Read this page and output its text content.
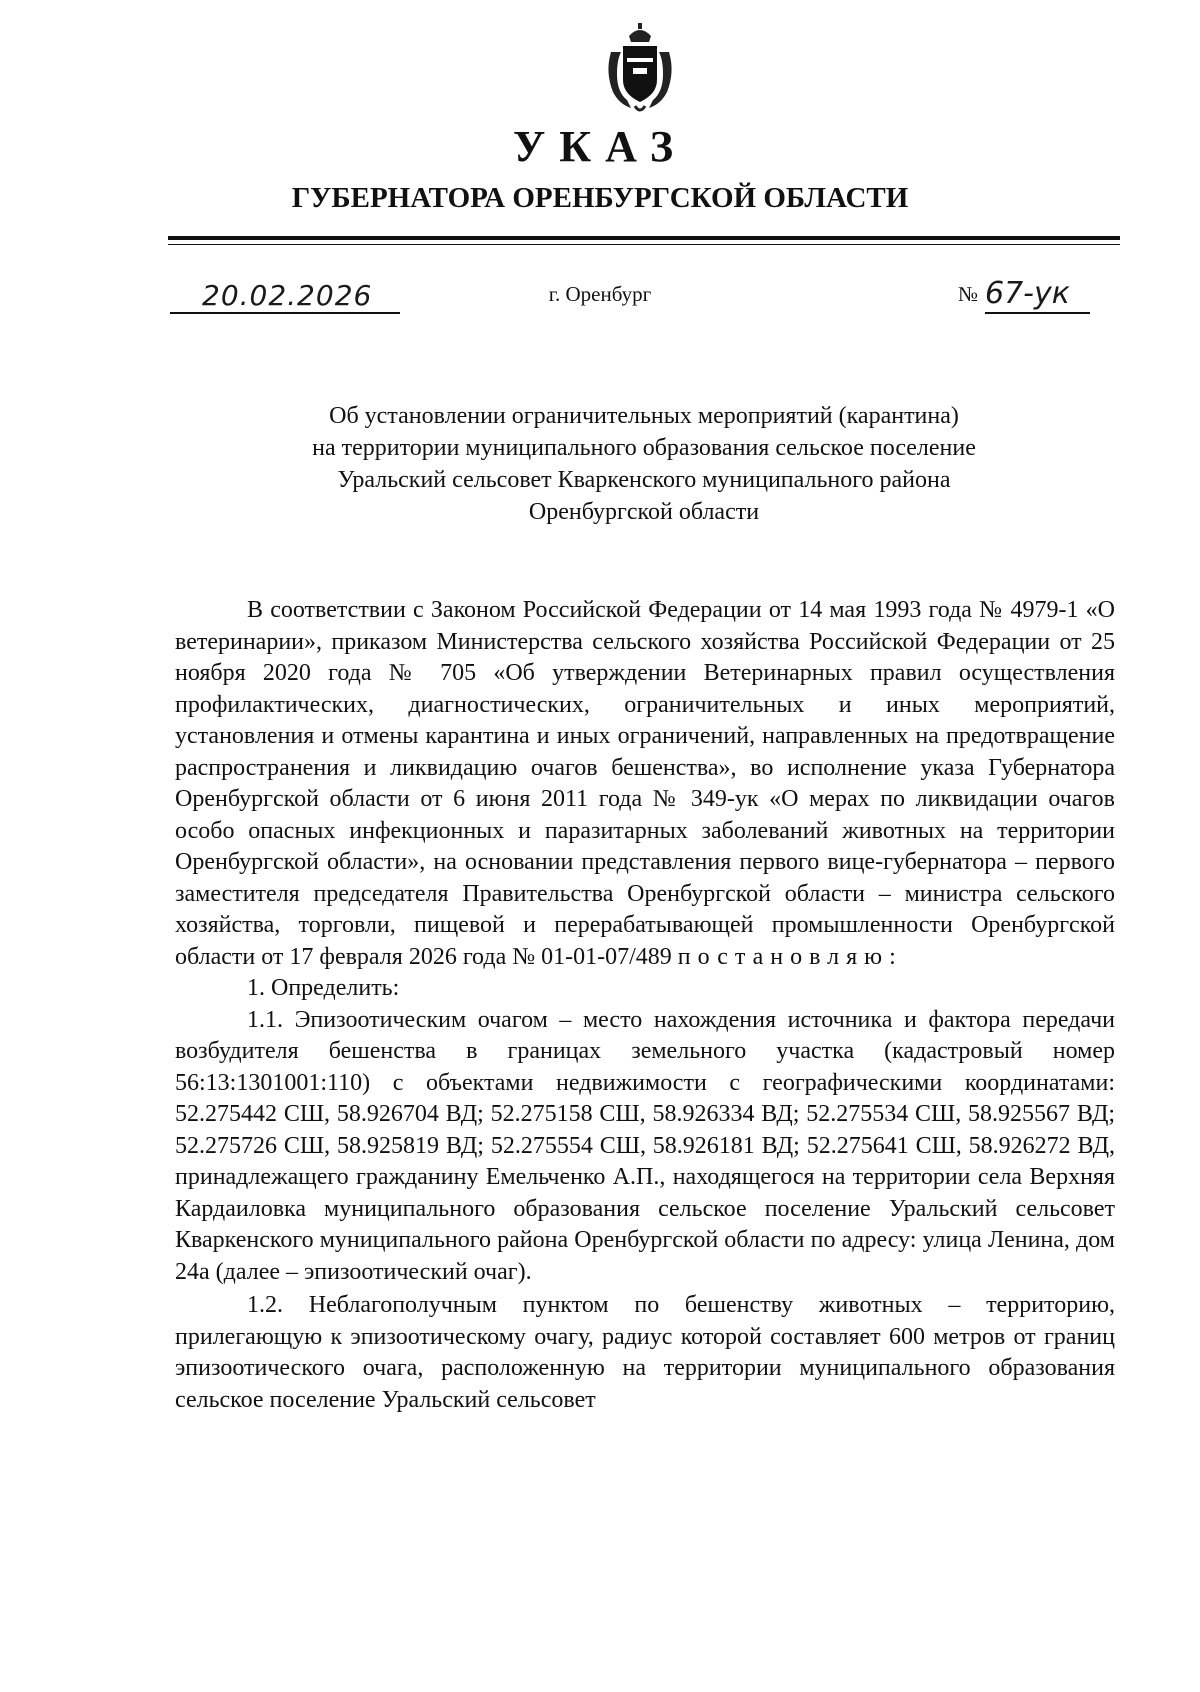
УКАЗ
ГУБЕРНАТОРА ОРЕНБУРГСКОЙ ОБЛАСТИ
20.02.2026	г. Оренбург	№ 67-ук
Об установлении ограничительных мероприятий (карантина)
на территории муниципального образования сельское поселение
Уральский сельсовет Кваркенского муниципального района
Оренбургской области

В соответствии с Законом Российской Федерации от 14 мая 1993 года № 4979-1 «О ветеринарии», приказом Министерства сельского хозяйства Российской Федерации от 25 ноября 2020 года № 705 «Об утверждении Ветеринарных правил осуществления профилактических, диагностических, ограничительных и иных мероприятий, установления и отмены карантина и иных ограничений, направленных на предотвращение распространения и ликвидацию очагов бешенства», во исполнение указа Губернатора Оренбургской области от 6 июня 2011 года № 349-ук «О мерах по ликвидации очагов особо опасных инфекционных и паразитарных заболеваний животных на территории Оренбургской области», на основании представления первого вице-губернатора – первого заместителя председателя Правительства Оренбургской области – министра сельского хозяйства, торговли, пищевой и перерабатывающей промышленности Оренбургской области от 17 февраля 2026 года № 01-01-07/489 постановляю:

1. Определить:

1.1. Эпизоотическим очагом – место нахождения источника и фактора передачи возбудителя бешенства в границах земельного участка (кадастровый номер 56:13:1301001:110) с объектами недвижимости с географическими координатами: 52.275442 СШ, 58.926704 ВД; 52.275158 СШ, 58.926334 ВД; 52.275534 СШ, 58.925567 ВД; 52.275726 СШ, 58.925819 ВД; 52.275554 СШ, 58.926181 ВД; 52.275641 СШ, 58.926272 ВД, принадлежащего гражданину Емельченко А.П., находящегося на территории села Верхняя Кардаиловка муниципального образования сельское поселение Уральский сельсовет Кваркенского муниципального района Оренбургской области по адресу: улица Ленина, дом 24а (далее – эпизоотический очаг).

1.2. Неблагополучным пунктом по бешенству животных – территорию, прилегающую к эпизоотическому очагу, радиус которой составляет 600 метров от границ эпизоотического очага, расположенную на территории муниципального образования сельское поселение Уральский сельсовет
